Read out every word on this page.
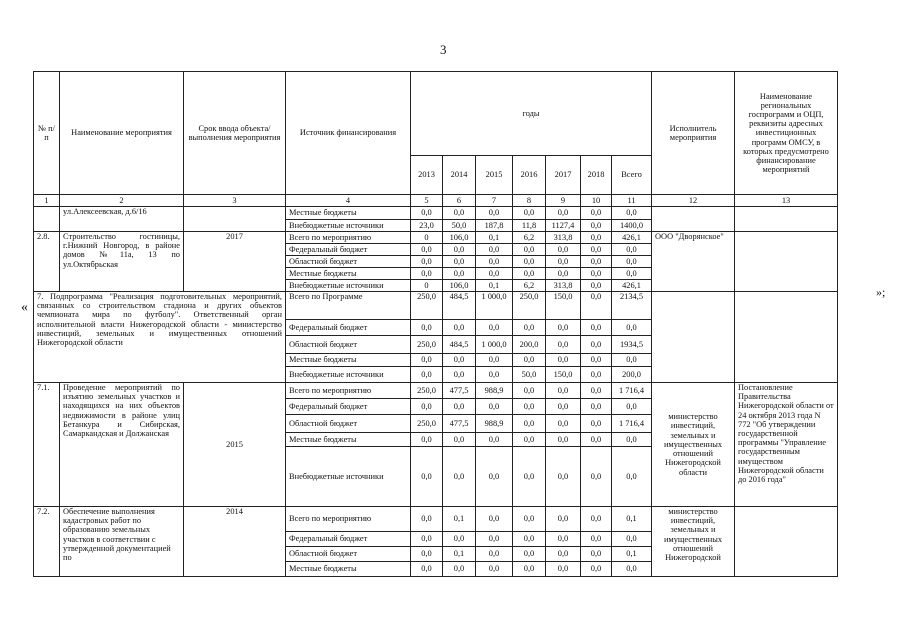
3
«
»;
№ п/п	Наименование мероприятия	Срок ввода объекта/выполнения мероприятия	Источник финансирования	годы							Исполнитель мероприятия	Наименование региональных госпрограмм и ОЦП, реквизиты адресных инвестиционных программ ОМСУ, в которых предусмотрено финансирование мероприятий
				2013	2014	2015	2016	2017	2018	Всего		
1	2	3	4	5	6	7	8	9	10	11	12	13
	ул.Алексеевская, д.6/16		Местные бюджеты	0,0	0,0	0,0	0,0	0,0	0,0	0,0		
			Внебюджетные источники	23,0	50,0	187,8	11,8	1127,4	0,0	1400,0		
2.8.	Строительство гостиницы, г.Нижний Новгород, в районе домов №11а, 13 по ул.Октябрьская	2017	Всего по мероприятию	0	106,0	0,1	6,2	313,8	0,0	426,1	ООО "Дворянское"	
			Федеральный бюджет	0,0	0,0	0,0	0,0	0,0	0,0	0,0		
			Областной бюджет	0,0	0,0	0,0	0,0	0,0	0,0	0,0		
			Местные бюджеты	0,0	0,0	0,0	0,0	0,0	0,0	0,0		
			Внебюджетные источники	0	106,0	0,1	6,2	313,8	0,0	426,1		
7. Подпрограмма "Реализация подготовительных мероприятий, связанных со строительством стадиона и других объектов чемпионата мира по футболу". Ответственный орган исполнительной власти Нижегородской области - министерство инвестиций, земельных и имущественных отношений Нижегородской области			Всего по Программе	250,0	484,5	1 000,0	250,0	150,0	0,0	2134,5		
			Федеральный бюджет	0,0	0,0	0,0	0,0	0,0	0,0	0,0		
			Областной бюджет	250,0	484,5	1 000,0	200,0	0,0	0,0	1934,5		
			Местные бюджеты	0,0	0,0	0,0	0,0	0,0	0,0	0,0		
			Внебюджетные источники	0,0	0,0	0,0	50,0	150,0	0,0	200,0		
7.1.	Проведение мероприятий по изъятию земельных участков и находящихся на них объектов недвижимости в районе улиц Бетанкура и Сибирская, Самаркандская и Должанская	2015	Всего по мероприятию	250,0	477,5	988,9	0,0	0,0	0,0	1 716,4	министерство инвестиций, земельных и имущественных отношений Нижегородской области	Постановление Правительства Нижегородской области от 24 октября 2013 года N 772 "Об утверждении государственной программы "Управление государственным имуществом Нижегородской области до 2016 года"
			Федеральный бюджет	0,0	0,0	0,0	0,0	0,0	0,0	0,0		
			Областной бюджет	250,0	477,5	988,9	0,0	0,0	0,0	1 716,4		
			Местные бюджеты	0,0	0,0	0,0	0,0	0,0	0,0	0,0		
			Внебюджетные источники	0,0	0,0	0,0	0,0	0,0	0,0	0,0		
7.2.	Обеспечение выполнения кадастровых работ по образованию земельных участков в соответствии с утвержденной документацией по	2014	Всего по мероприятию	0,0	0,1	0,0	0,0	0,0	0,0	0,1	министерство инвестиций, земельных и имущественных отношений Нижегородской	
			Федеральный бюджет	0,0	0,0	0,0	0,0	0,0	0,0	0,0		
			Областной бюджет	0,0	0,1	0,0	0,0	0,0	0,0	0,1		
			Местные бюджеты	0,0	0,0	0,0	0,0	0,0	0,0	0,0		
